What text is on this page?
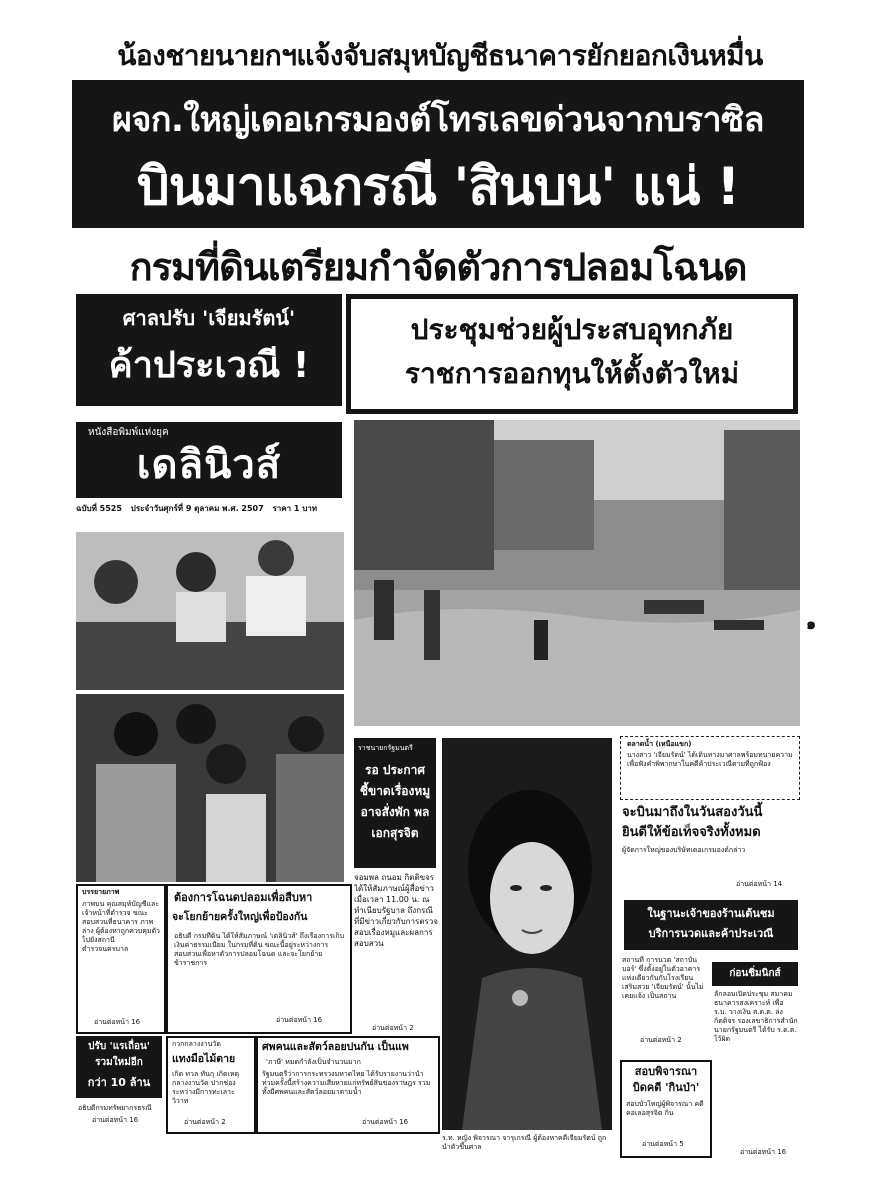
น้องชายนายกฯแจ้งจับสมุหบัญชีธนาคารยักยอกเงินหมื่น
ผจก.ใหญ่เดอเกรมองต์โทรเลขด่วนจากบราซิล
บินมาแฉกรณี 'สินบน' แน่ !
กรมที่ดินเตรียมกำจัดตัวการปลอมโฉนด
ศาลปรับ 'เจียมรัตน์'
ค้าประเวณี !
ประชุมช่วยผู้ประสบอุทกภัย
ราชการออกทุนให้ตั้งตัวใหม่
หนังสือพิมพ์แห่งยุค
เดลินิวส์
ฉบับที่ 5525 ประจำวันศุกร์ที่ 9 ตุลาคม พ.ศ. 2507 ราคา 1 บาท
๑
ราชนายกรัฐมนตรี
รอ ประกาศ ชี้ขาดเรื่องหมู อาจสั่งพัก พลเอกสุรจิต
จอมพล ถนอม กิตติขจร ได้ให้สัมภาษณ์ผู้สื่อข่าว เมื่อเวลา 11.00 น. ณ ทำเนียบรัฐบาล ถึงกรณีที่มีข่าวเกี่ยวกับการตรวจสอบเรื่องหมูและผลการสอบสวน
อ่านต่อหน้า 2
ร.ท. หญิง พิจารณา จารุเกรณี ผู้ต้องหาคดีเจียมรัตน์ ถูกนำตัวขึ้นศาล
ตลาดน้ำ (เหนือแขก)
นางสาว 'เจียมรัตน์' ได้เดินทางมาศาลพร้อมทนายความ เพื่อฟังคำพิพากษาในคดีค้าประเวณีตามที่ถูกฟ้อง
จะบินมาถึงในวันสองวันนี้
ยินดีให้ข้อเท็จจริงทั้งหมด
ผู้จัดการใหญ่ของบริษัทเดอเกรมองต์กล่าว
อ่านต่อหน้า 14
บรรยายภาพ
ภาพบน คุณสมุห์บัญชีและเจ้าหน้าที่ตำรวจ ขณะสอบสวนที่ธนาคาร ภาพล่าง ผู้ต้องหาถูกควบคุมตัวไปยังสถานีตำรวจนครบาล
อ่านต่อหน้า 16
ต้องการโฉนดปลอมเพื่อสืบหา
จะโยกย้ายครั้งใหญ่เพื่อป้องกัน
อธิบดี กรมที่ดิน ได้ให้สัมภาษณ์ 'เดลินิวส์' ถึงเรื่องการเก็บเงินค่าธรรมเนียม ในกรมที่ดิน ขณะนี้อยู่ระหว่างการสอบสวนเพื่อหาตัวการปลอมโฉนด และจะโยกย้ายข้าราชการ
อ่านต่อหน้า 16
ปรับ 'แรเถื่อน'
รวมใหม่อีก
กว่า 10 ล้าน
อธิบดีกรมทรัพยากรธรณี
อ่านต่อหน้า 16
กวกกลางงานวัด
แทงมือไม้ตาย
เกิด ทวล ทันกุ เกิดเหตุ กลางงานวัด ปากช่อง ระหว่างมีการทะเลาะวิวาท
อ่านต่อหน้า 2
ศพคนและสัตว์ลอยปนกัน เป็นแพ
'ภาษี' หมดกำลังเป็นจำนวนมาก
รัฐมนตรีว่าการกระทรวงมหาดไทย ได้รับรายงานว่าน้ำท่วมครั้งนี้สร้างความเสียหายแก่ทรัพย์สินของราษฎร รวมทั้งมีศพคนและสัตว์ลอยมาตามน้ำ
อ่านต่อหน้า 16
ในฐานะเจ้าของร้านเต้นชม
บริการนวดและค้าประเวณี
สถานที่ การนวด 'สถาบันบอร์' ซึ่งตั้งอยู่ในตัวอาคารแห่งเดียวกันกับโรงเรียนเสริมสวย 'เจียมรัตน์' นั้นไม่เคยแจ้ง เป็นสถาน
อ่านต่อหน้า 2
ก่อนชิ่มนิกส์
ลักลอบเปิดประชุม สมาคมธนาคารสงเคราะห์ เพื่อ ร.บ. วางเงิน ส.ต.ต. ล่ง กิตติจร รองเลขาธิการสำนักนายกรัฐมนตรี ได้รับ ร.ต.ต. ไว้ผิด
อ่านต่อหน้า 16
สอบพิจารณา
บิดคดี 'กินป่า'
สอบบัวใหญ่ผู้พิจารณา คดีคอเลอสุรจิต กิน
อ่านต่อหน้า 5
